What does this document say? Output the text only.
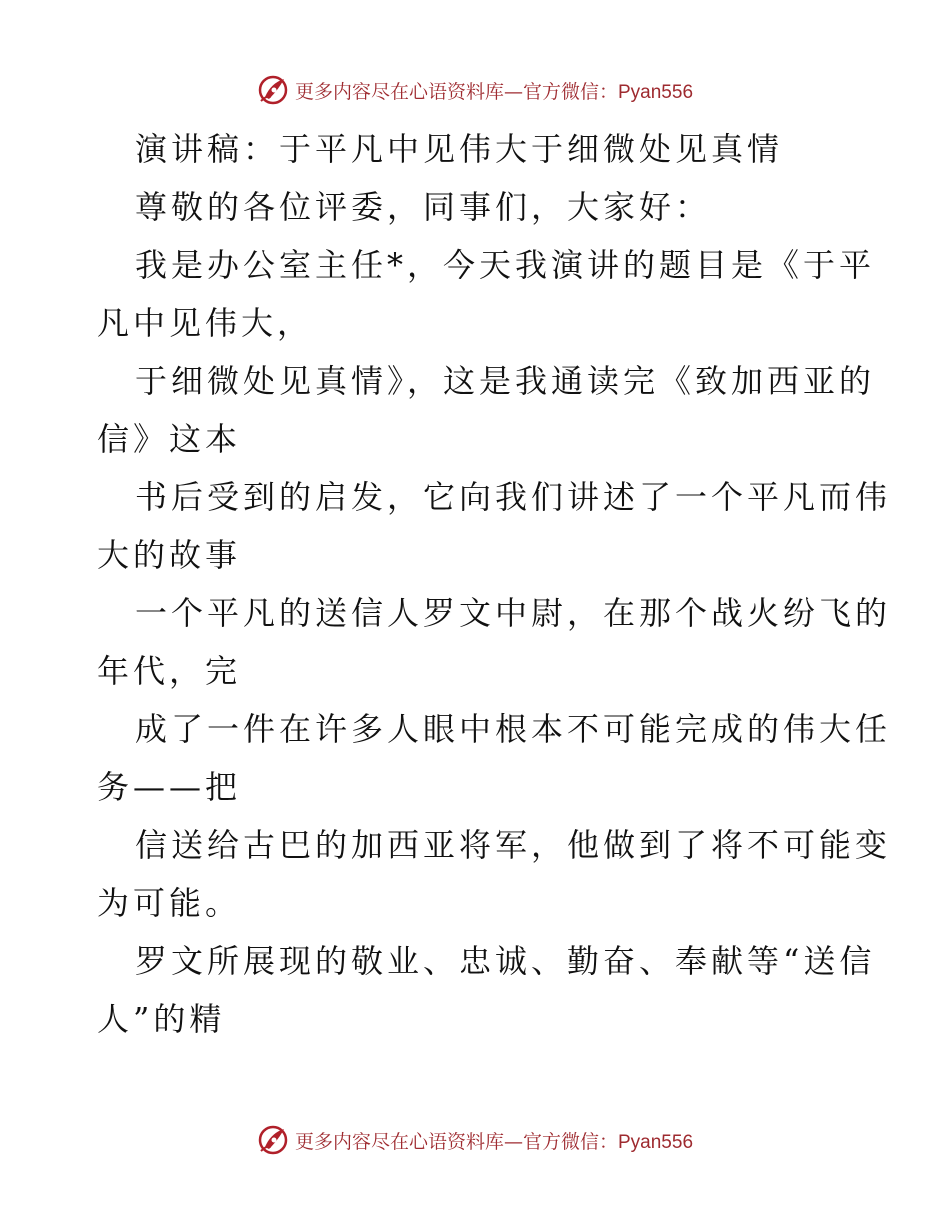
更多内容尽在心语资料库—官方微信：Pyan556
演讲稿：于平凡中见伟大于细微处见真情
尊敬的各位评委，同事们，大家好：
我是办公室主任*，今天我演讲的题目是《于平
凡中见伟大，
于细微处见真情》，这是我通读完《致加西亚的
信》这本
书后受到的启发，它向我们讲述了一个平凡而伟
大的故事
一个平凡的送信人罗文中尉，在那个战火纷飞的
年代，完
成了一件在许多人眼中根本不可能完成的伟大任
务——把
信送给古巴的加西亚将军，他做到了将不可能变
为可能。
罗文所展现的敬业、忠诚、勤奋、奉献等“送信
人”的精
更多内容尽在心语资料库—官方微信：Pyan556
